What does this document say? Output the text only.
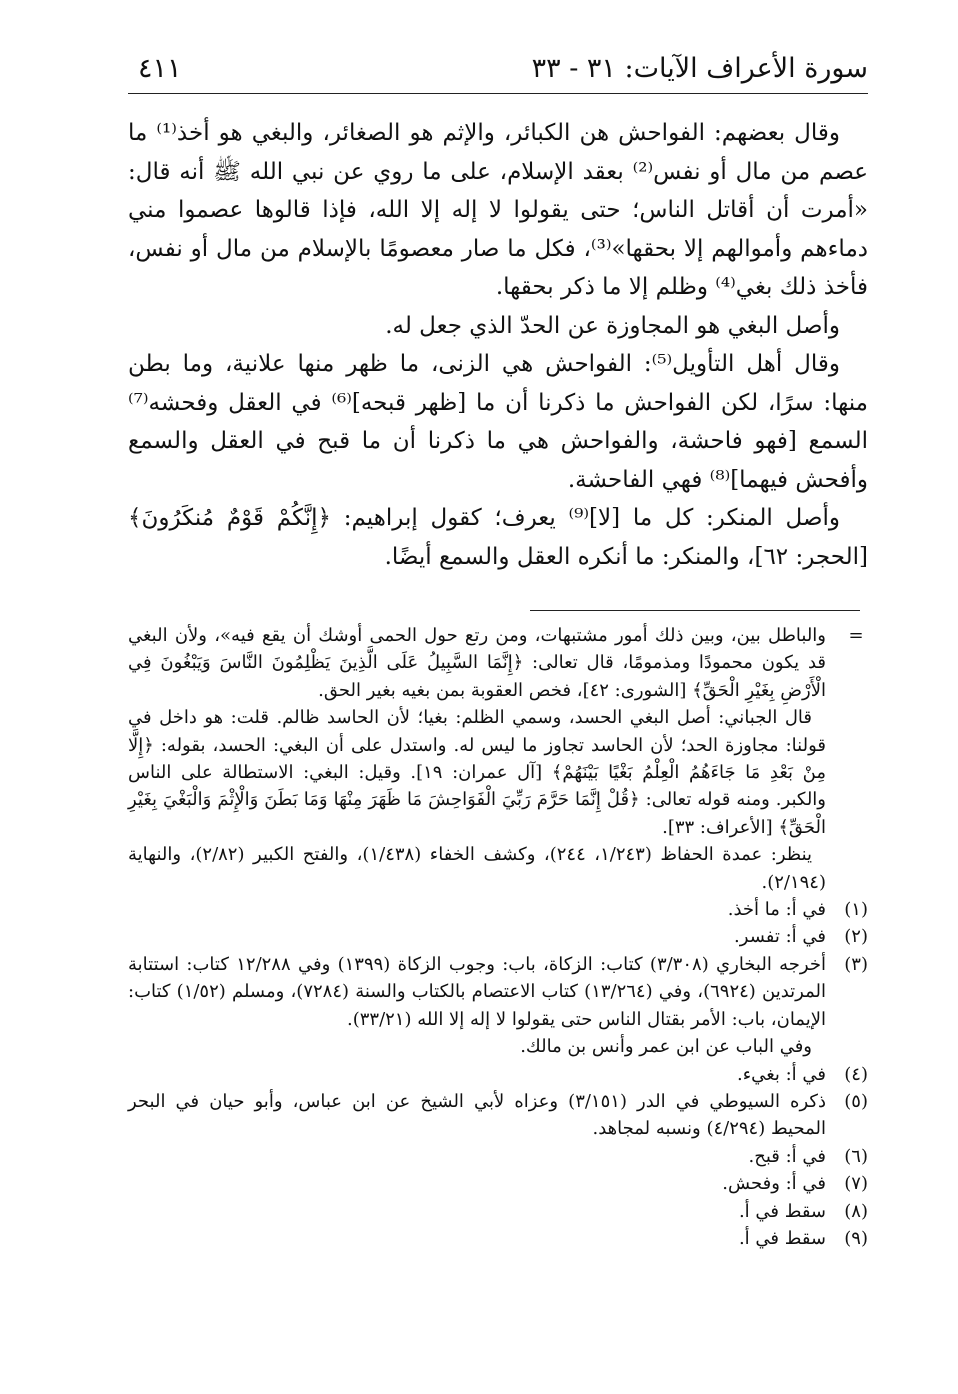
سورة الأعراف الآيات: ٣١ - ٣٣
٤١١

وقال بعضهم: الفواحش هن الكبائر، والإثم هو الصغائر، والبغي هو أخذ⁽¹⁾ ما عصم من مال أو نفس⁽²⁾ بعقد الإسلام، على ما روي عن نبي الله ﷺ أنه قال: «أمرت أن أقاتل الناس؛ حتى يقولوا لا إله إلا الله، فإذا قالوها عصموا مني دماءهم وأموالهم إلا بحقها»⁽³⁾، فكل ما صار معصومًا بالإسلام من مال أو نفس، فأخذ ذلك بغي⁽⁴⁾ وظلم إلا ما ذكر بحقها.

وأصل البغي هو المجاوزة عن الحدّ الذي جعل له.

وقال أهل التأويل⁽⁵⁾: الفواحش هي الزنى، ما ظهر منها علانية، وما بطن منها: سرًا، لكن الفواحش ما ذكرنا أن ما [ظهر قبحه]⁽⁶⁾ في العقل وفحشه⁽⁷⁾ السمع [فهو فاحشة، والفواحش هي ما ذكرنا أن ما قبح في العقل والسمع وأفحش فيهما]⁽⁸⁾ فهي الفاحشة.

وأصل المنكر: كل ما [لا]⁽⁹⁾ يعرف؛ كقول إبراهيم: ﴿إِنَّكُمْ قَوْمٌ مُنكَرُونَ﴾ [الحجر: ٦٢]، والمنكر: ما أنكره العقل والسمع أيضًا.

=

والباطل بين، وبين ذلك أمور مشتبهات، ومن رتع حول الحمى أوشك أن يقع فيه»، ولأن البغي قد يكون محمودًا ومذمومًا، قال تعالى: ﴿إِنَّمَا السَّبِيلُ عَلَى الَّذِينَ يَظْلِمُونَ النَّاسَ وَيَبْغُونَ فِي الْأَرْضِ بِغَيْرِ الْحَقِّ﴾ [الشورى: ٤٢]، فخص العقوبة بمن بغيه بغير الحق.

قال الجباني: أصل البغي الحسد، وسمي الظلم: بغيا؛ لأن الحاسد ظالم. قلت: هو داخل في قولنا: مجاوزة الحد؛ لأن الحاسد تجاوز ما ليس له. واستدل على أن البغي: الحسد، بقوله: ﴿إِلَّا مِنْ بَعْدِ مَا جَاءَهُمُ الْعِلْمُ بَغْيًا بَيْنَهُمْ﴾ [آل عمران: ١٩]. وقيل: البغي: الاستطالة على الناس والكبر. ومنه قوله تعالى: ﴿قُلْ إِنَّمَا حَرَّمَ رَبِّيَ الْفَوَاحِشَ مَا ظَهَرَ مِنْهَا وَمَا بَطَنَ وَالْإِثْمَ وَالْبَغْيَ بِغَيْرِ الْحَقِّ﴾ [الأعراف: ٣٣].

ينظر: عمدة الحفاظ (١/٢٤٣، ٢٤٤)، وكشف الخفاء (١/٤٣٨)، والفتح الكبير (٢/٨٢)، والنهاية (٢/١٩٤).

(١)

في أ: ما أخذ.

(٢)

في أ: تفسر.

(٣)

أخرجه البخاري (٣/٣٠٨) كتاب: الزكاة، باب: وجوب الزكاة (١٣٩٩) وفي ١٢/٢٨٨ كتاب: استتابة المرتدين (٦٩٢٤)، وفي (١٣/٢٦٤) كتاب الاعتصام بالكتاب والسنة (٧٢٨٤)، ومسلم (١/٥٢) كتاب: الإيمان، باب: الأمر بقتال الناس حتى يقولوا لا إله إلا الله (٣٣/٢١).

وفي الباب عن ابن عمر وأنس بن مالك.

(٤)

في أ: بغيء.

(٥)

ذكره السيوطي في الدر (٣/١٥١) وعزاه لأبي الشيخ عن ابن عباس، وأبو حيان في البحر المحيط (٤/٢٩٤) ونسبه لمجاهد.

(٦)

في أ: قبح.

(٧)

في أ: وفحش.

(٨)

سقط في أ.

(٩)

سقط في أ.
